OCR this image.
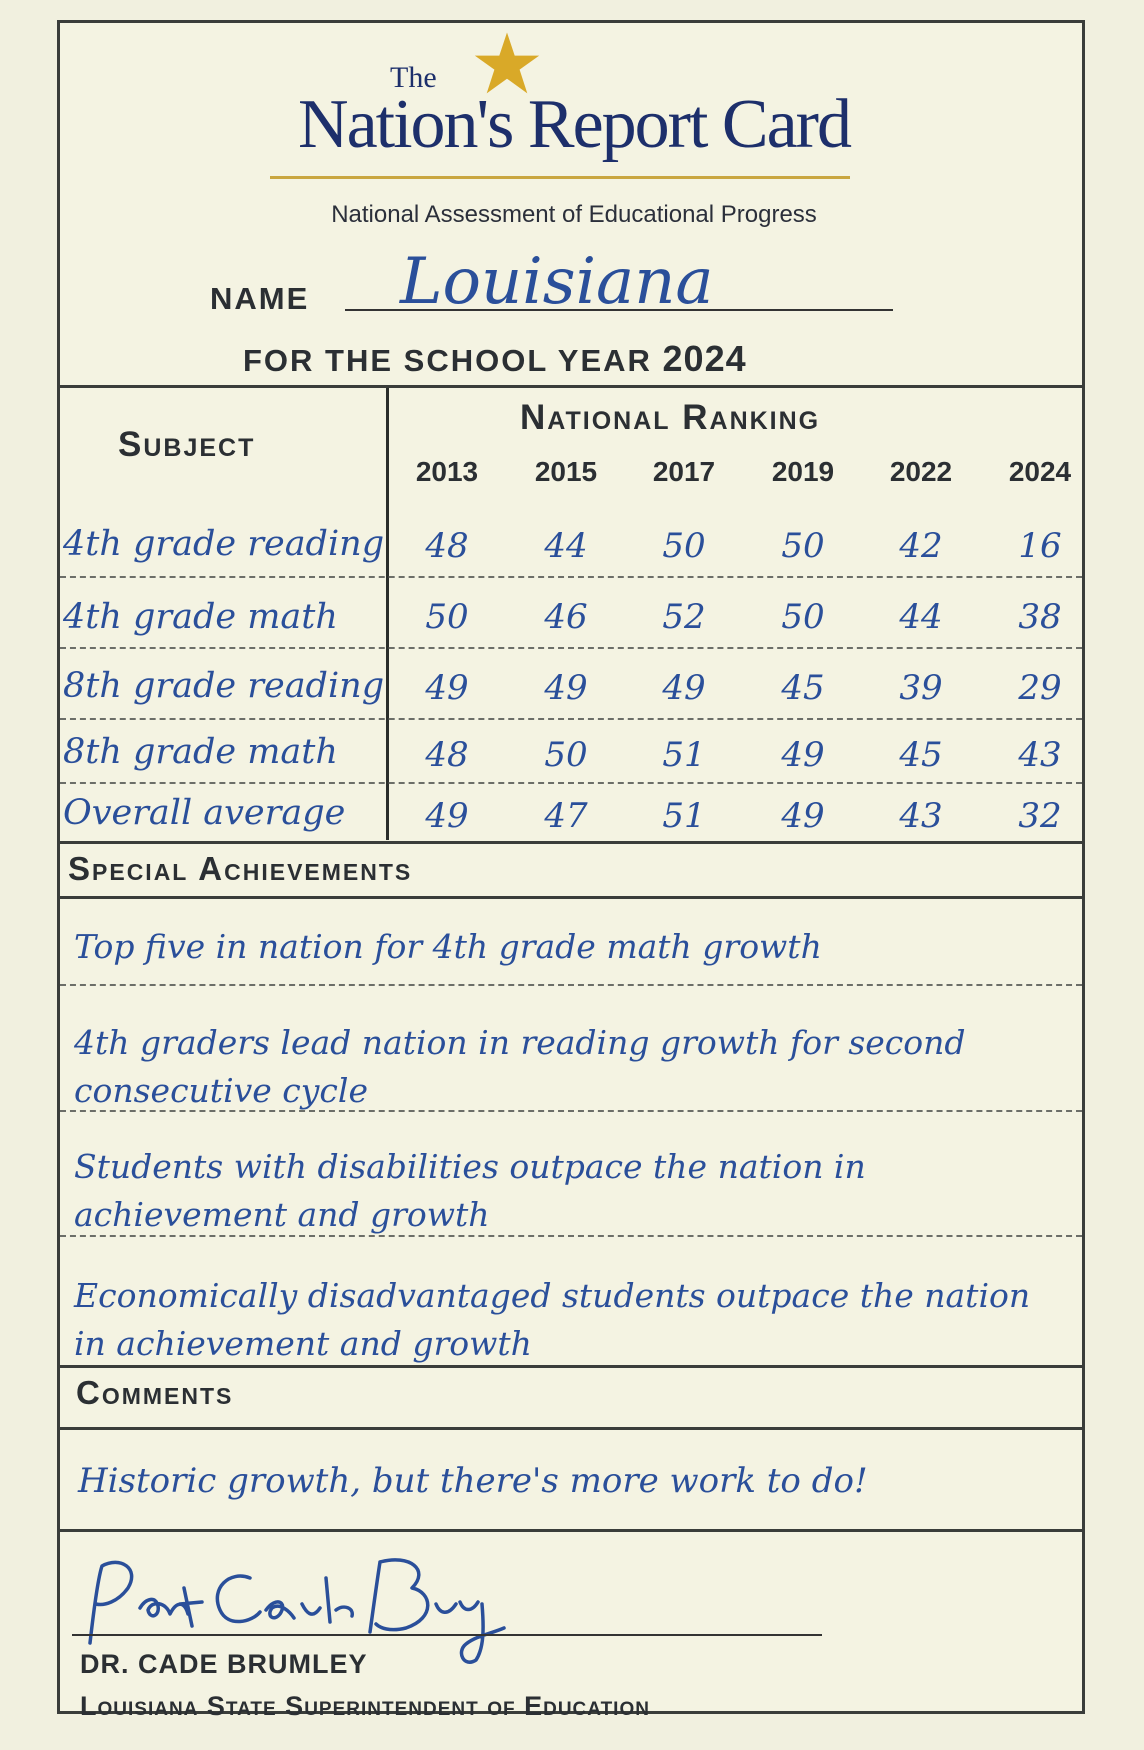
The
Nation's Report Card
National Assessment of Educational Progress
NAME Louisiana
FOR THE SCHOOL YEAR 2024
Subject
National Ranking
2013	2015	2017	2019	2022	2024
4th grade reading	48	44	50	50	42	16
4th grade math	50	46	52	50	44	38
8th grade reading	49	49	49	45	39	29
8th grade math	48	50	51	49	45	43
Overall average	49	47	51	49	43	32
Special Achievements
Top five in nation for 4th grade math growth
4th graders lead nation in reading growth for second consecutive cycle
Students with disabilities outpace the nation in achievement and growth
Economically disadvantaged students outpace the nation in achievement and growth
Comments
Historic growth, but there's more work to do!
DR. CADE BRUMLEY
Louisiana State Superintendent of Education
